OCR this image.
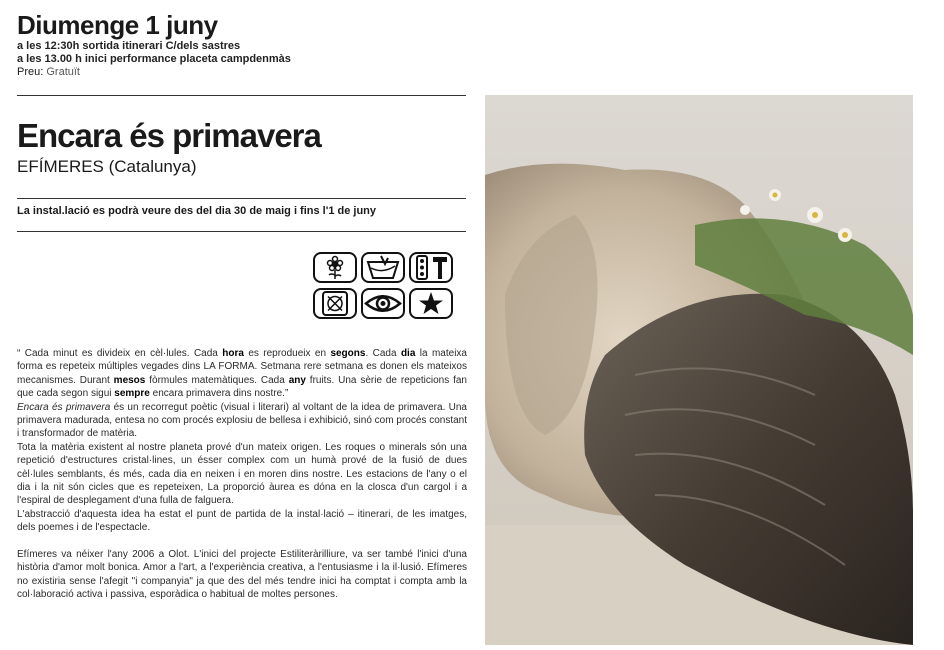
Diumenge 1 juny
a les 12:30h sortida itinerari C/dels sastres
a les 13.00 h inici performance placeta campdenmàs
Preu: Gratuït
Encara és primavera
EFÍMERES (Catalunya)
La instal.lació es podrà veure des del dia 30 de maig i fins l'1 de juny

“ Cada minut es divideix en cèl·lules. Cada hora es reprodueix en segons. Cada dia la mateixa forma es repeteix múltiples vegades dins LA FORMA. Setmana rere setmana es donen els mateixos mecanismes. Durant mesos fòrmules matemàtiques. Cada any fruits. Una sèrie de repeticions fan que cada segon sigui sempre encara primavera dins nostre.”

Encara és primavera és un recorregut poètic (visual i literari) al voltant de la idea de primavera. Una primavera madurada, entesa no com procés explosiu de bellesa i exhibició, sinó com procés constant i transformador de matèria.

Tota la matèria existent al nostre planeta prové d'un mateix origen. Les roques o minerals són una repetició d'estructures cristal·lines, un ésser complex com un humà prové de la fusió de dues cèl·lules semblants, és més, cada dia en neixen i en moren dins nostre. Les estacions de l'any o el dia i la nit són cicles que es repeteixen, La proporció àurea es dóna en la closca d'un cargol i a l'espiral de desplegament d'una fulla de falguera.

L'abstracció d'aquesta idea ha estat el punt de partida de la instal·lació – itinerari, de les imatges, dels poemes i de l'espectacle.

Efímeres va néixer l'any 2006 a Olot. L'inici del projecte Estiliteràrilliure, va ser també l'inici d'una història d'amor molt bonica. Amor a l'art, a l'experiència creativa, a l'entusiasme i la il·lusió. Efímeres no existiria sense l'afegit "i companyia" ja que des del més tendre inici ha comptat i compta amb la col·laboració activa i passiva, esporàdica o habitual de moltes persones.
